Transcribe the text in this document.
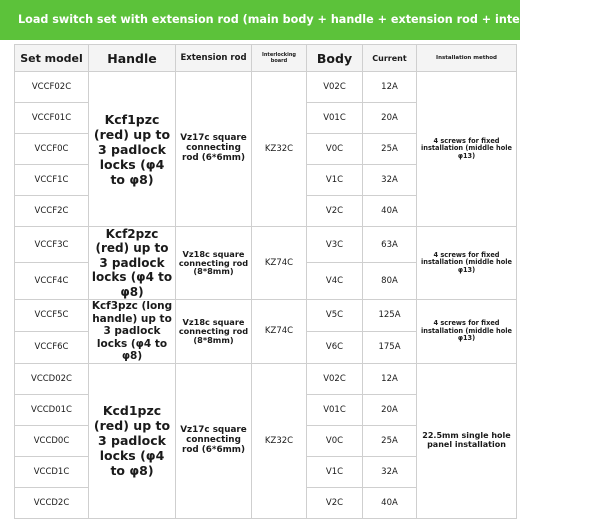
Load switch set with extension rod (main body + handle + extension rod + interlocking plate)
Set model	Handle	Extension rod	Interlocking board	Body	Current	Installation method
VCCF02C	Kcf1pzc (red) up to 3 padlock locks (φ4 to φ8)	Vz17c square connecting rod (6*6mm)	KZ32C	V02C	12A	4 screws for fixed installation (middle hole φ13)
VCCF01C				V01C	20A	
VCCF0C				V0C	25A	
VCCF1C				V1C	32A	
VCCF2C				V2C	40A	
VCCF3C	Kcf2pzc (red) up to 3 padlock locks (φ4 to φ8)	Vz18c square connecting rod (8*8mm)	KZ74C	V3C	63A	4 screws for fixed installation (middle hole φ13)
VCCF4C				V4C	80A	
VCCF5C	Kcf3pzc (long handle) up to 3 padlock locks (φ4 to φ8)	Vz18c square connecting rod (8*8mm)	KZ74C	V5C	125A	4 screws for fixed installation (middle hole φ13)
VCCF6C				V6C	175A	
VCCD02C	Kcd1pzc (red) up to 3 padlock locks (φ4 to φ8)	Vz17c square connecting rod (6*6mm)	KZ32C	V02C	12A	22.5mm single hole panel installation
VCCD01C				V01C	20A	
VCCD0C				V0C	25A	
VCCD1C				V1C	32A	
VCCD2C				V2C	40A	
